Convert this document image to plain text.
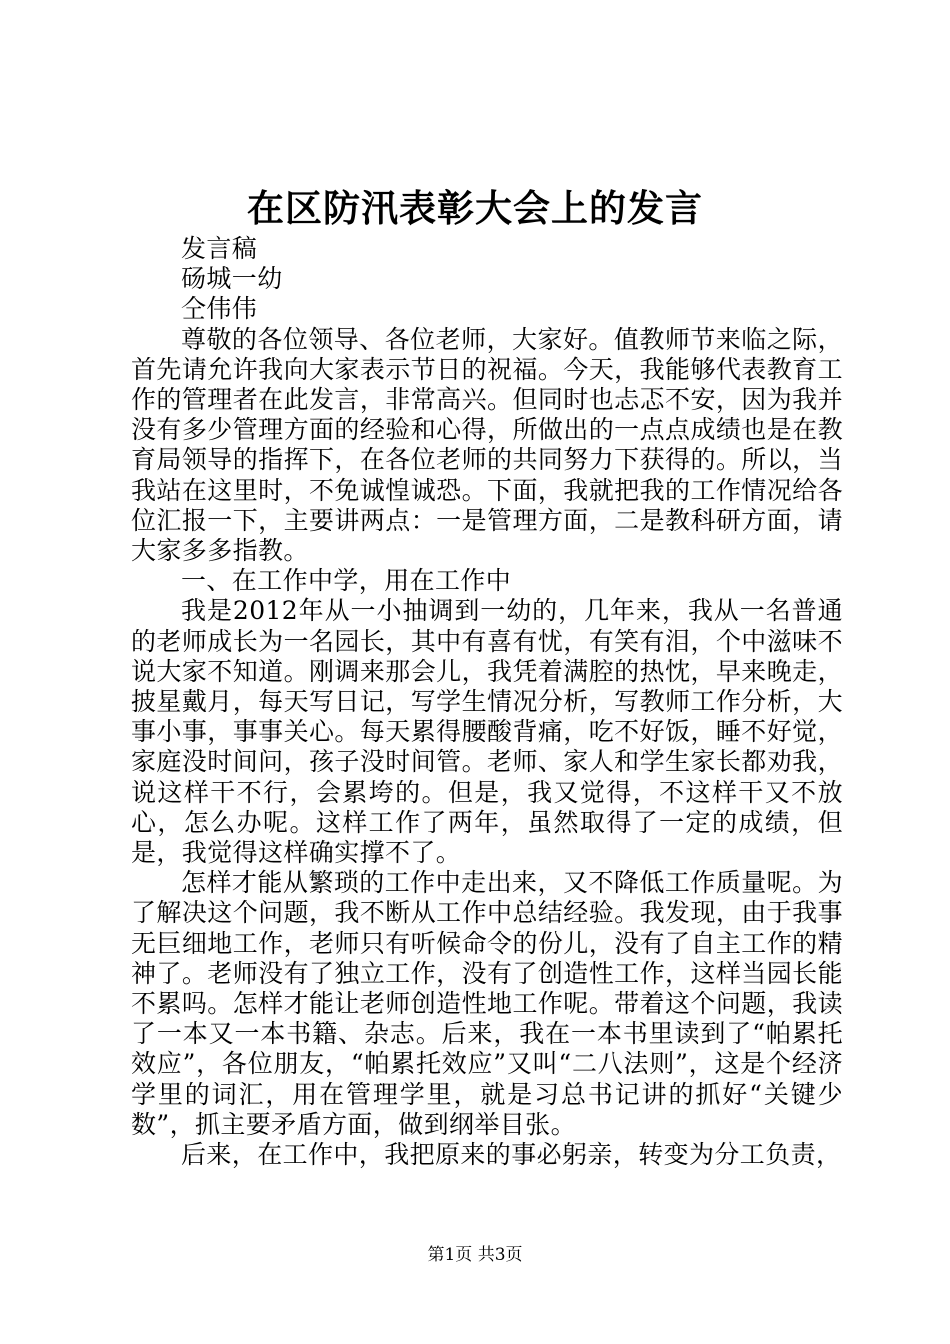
在区防汛表彰大会上的发言

发言稿

砀城一幼

仝伟伟

尊敬的各位领导、各位老师，大家好。值教师节来临之际，首先请允许我向大家表示节日的祝福。今天，我能够代表教育工作的管理者在此发言，非常高兴。但同时也忐忑不安，因为我并没有多少管理方面的经验和心得，所做出的一点点成绩也是在教育局领导的指挥下，在各位老师的共同努力下获得的。所以，当我站在这里时，不免诚惶诚恐。下面，我就把我的工作情况给各位汇报一下，主要讲两点：一是管理方面，二是教科研方面，请大家多多指教。

一、在工作中学，用在工作中

我是2012年从一小抽调到一幼的，几年来，我从一名普通的老师成长为一名园长，其中有喜有忧，有笑有泪，个中滋味不说大家不知道。刚调来那会儿，我凭着满腔的热忱，早来晚走，披星戴月，每天写日记，写学生情况分析，写教师工作分析，大事小事，事事关心。每天累得腰酸背痛，吃不好饭，睡不好觉，家庭没时间问，孩子没时间管。老师、家人和学生家长都劝我，说这样干不行，会累垮的。但是，我又觉得，不这样干又不放心，怎么办呢。这样工作了两年，虽然取得了一定的成绩，但是，我觉得这样确实撑不了。

怎样才能从繁琐的工作中走出来，又不降低工作质量呢。为了解决这个问题，我不断从工作中总结经验。我发现，由于我事无巨细地工作，老师只有听候命令的份儿，没有了自主工作的精神了。老师没有了独立工作，没有了创造性工作，这样当园长能不累吗。怎样才能让老师创造性地工作呢。带着这个问题，我读了一本又一本书籍、杂志。后来，我在一本书里读到了“帕累托效应”，各位朋友，“帕累托效应”又叫“二八法则”，这是个经济学里的词汇，用在管理学里，就是习总书记讲的抓好“关键少数”，抓主要矛盾方面，做到纲举目张。

后来，在工作中，我把原来的事必躬亲，转变为分工负责，

第1页 共3页
